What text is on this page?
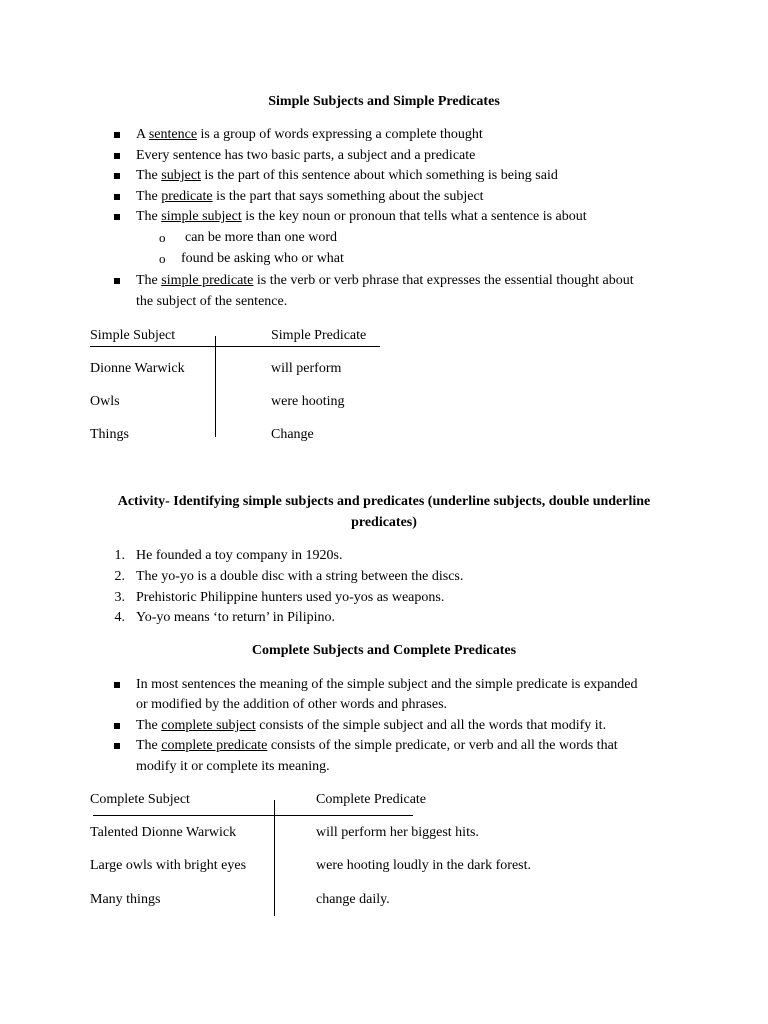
Simple Subjects and Simple Predicates
A sentence is a group of words expressing a complete thought
Every sentence has two basic parts, a subject and a predicate
The subject is the part of this sentence about which something is being said
The predicate is the part that says something about the subject
The simple subject is the key noun or pronoun that tells what a sentence is about
o can be more than one word
o found be asking who or what
The simple predicate is the verb or verb phrase that expresses the essential thought about
the subject of the sentence.
Simple Subject	Simple Predicate
Dionne Warwick	will perform
Owls	were hooting
Things	Change
Activity- Identifying simple subjects and predicates (underline subjects, double underline
predicates)
1. He founded a toy company in 1920s.
2. The yo-yo is a double disc with a string between the discs.
3. Prehistoric Philippine hunters used yo-yos as weapons.
4. Yo-yo means ‘to return’ in Pilipino.
Complete Subjects and Complete Predicates
In most sentences the meaning of the simple subject and the simple predicate is expanded
or modified by the addition of other words and phrases.
The complete subject consists of the simple subject and all the words that modify it.
The complete predicate consists of the simple predicate, or verb and all the words that
modify it or complete its meaning.
Complete Subject	Complete Predicate
Talented Dionne Warwick	will perform her biggest hits.
Large owls with bright eyes	were hooting loudly in the dark forest.
Many things	change daily.
